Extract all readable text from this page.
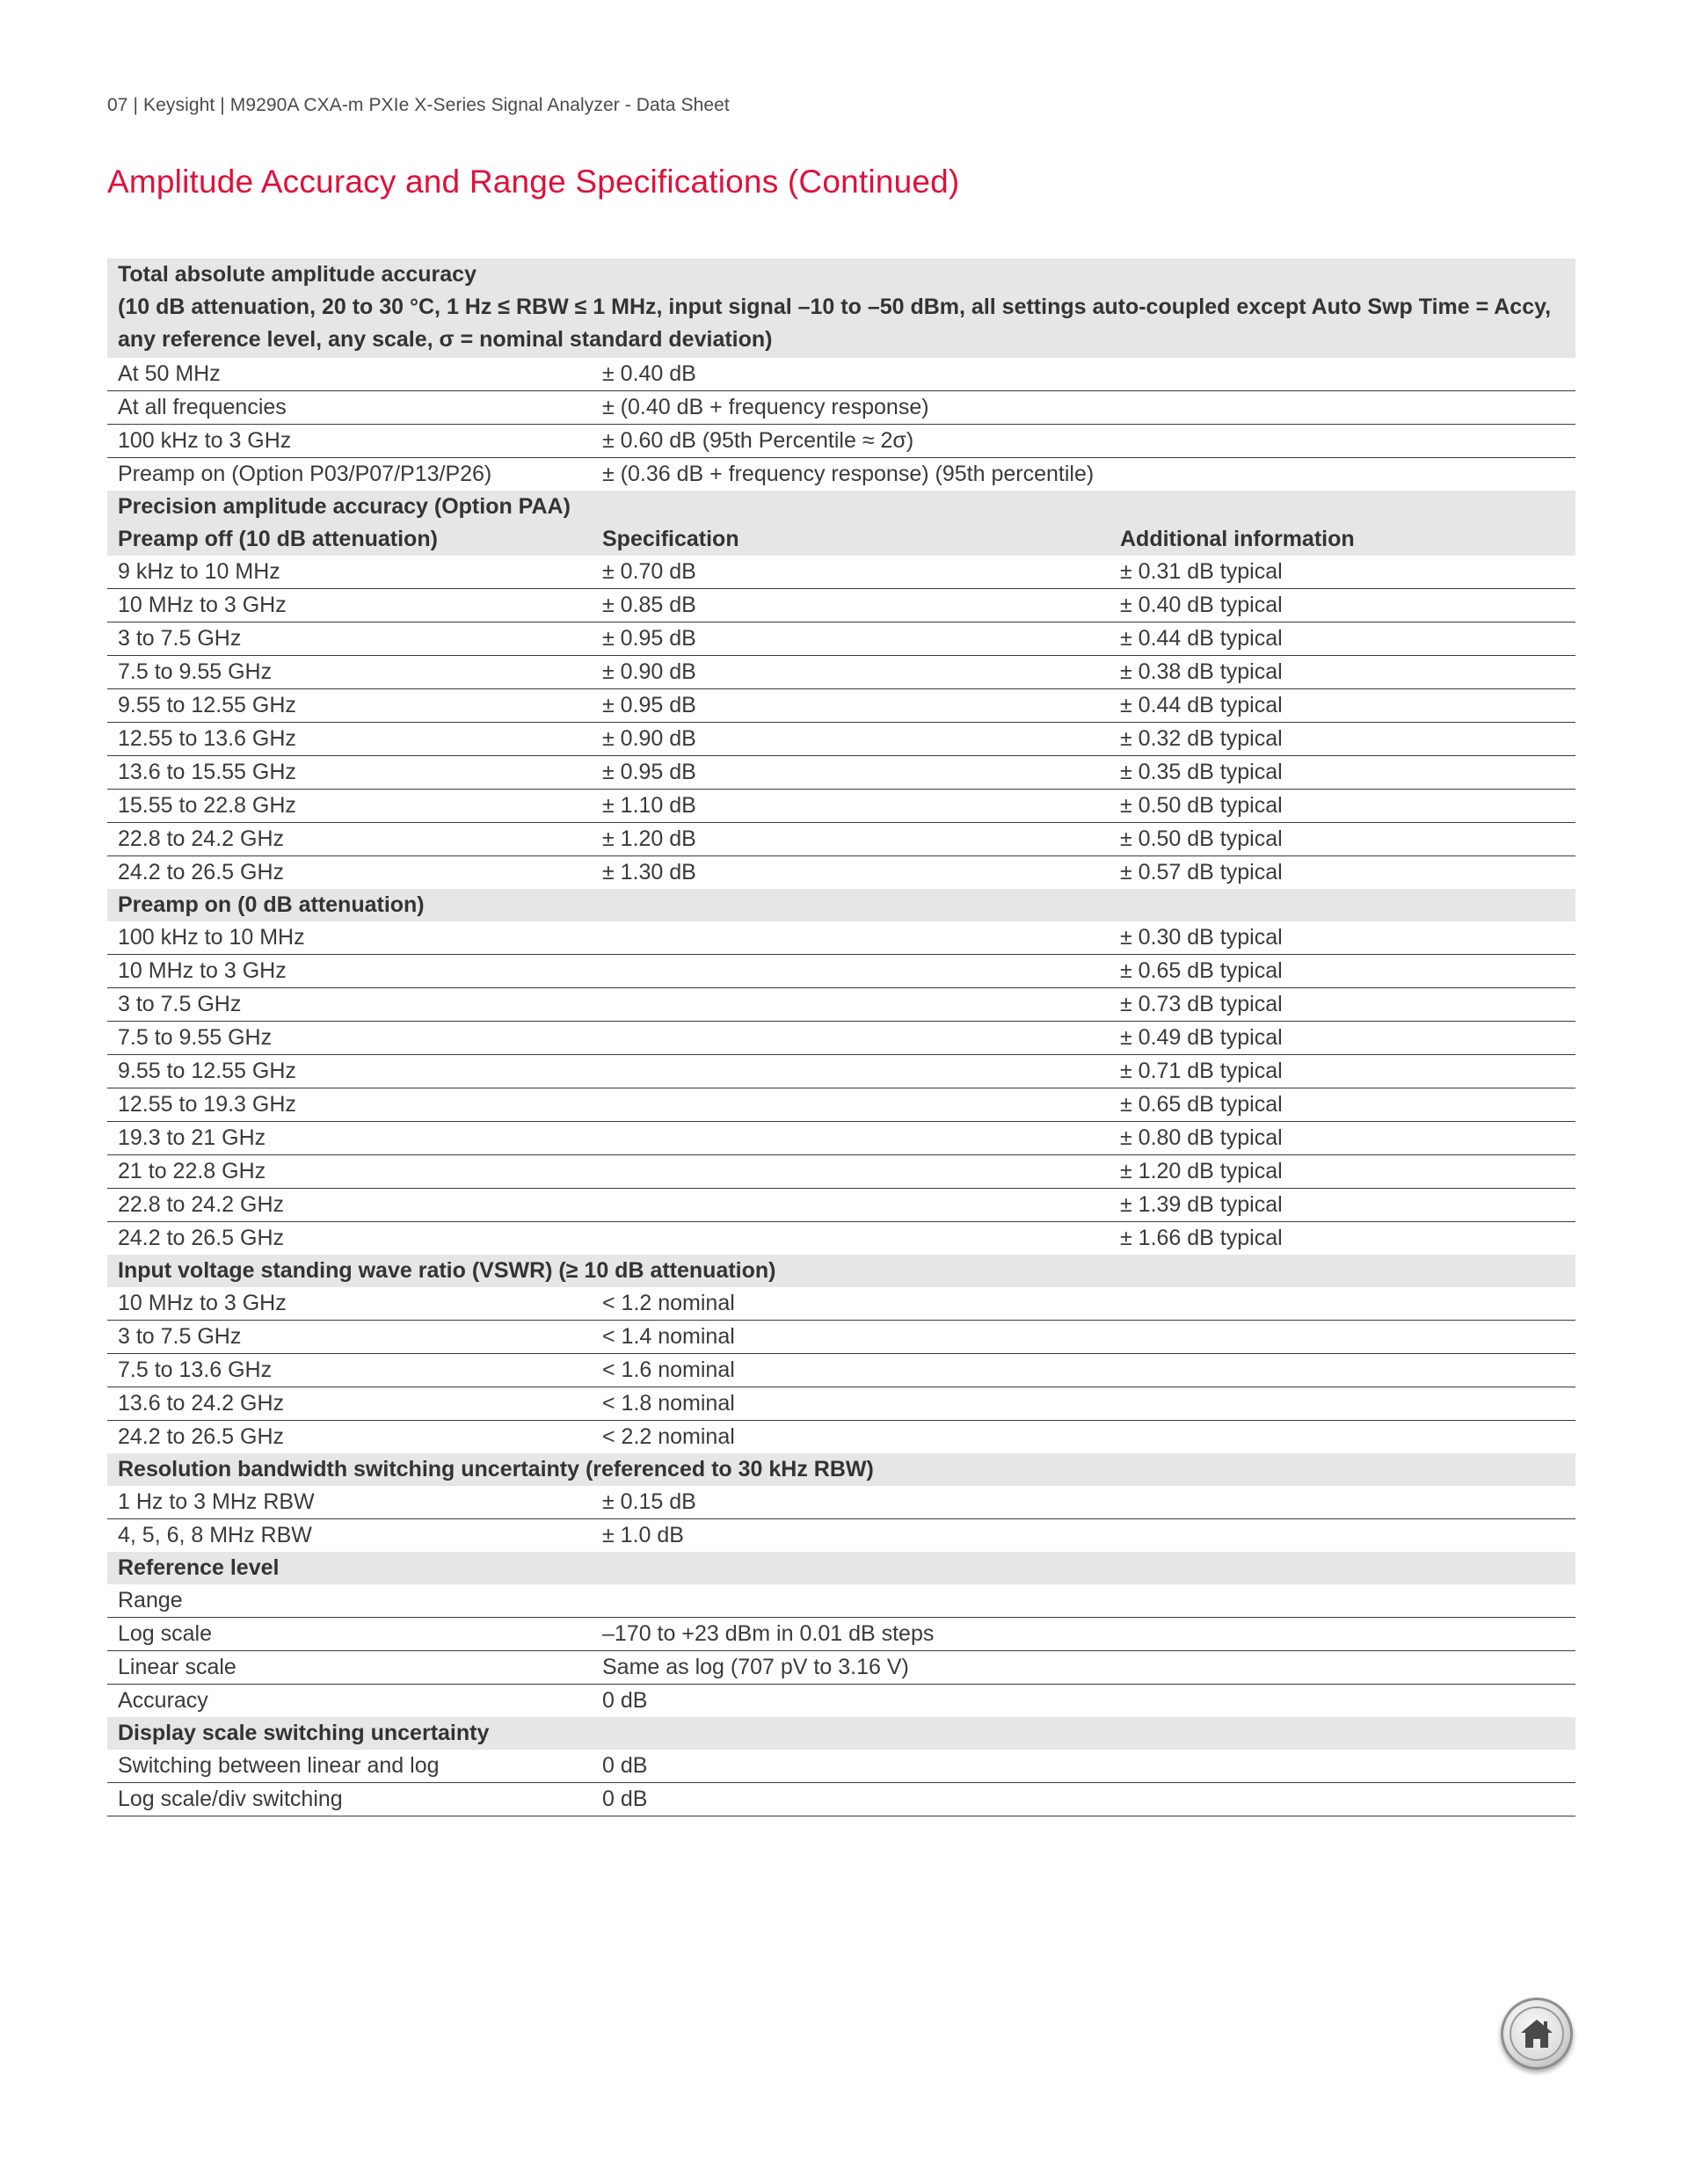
07 | Keysight | M9290A CXA-m PXIe X-Series Signal Analyzer - Data Sheet
Amplitude Accuracy and Range Specifications (Continued)
Total absolute amplitude accuracy		
(10 dB attenuation, 20 to 30 °C, 1 Hz ≤ RBW ≤ 1 MHz, input signal –10 to –50 dBm, all settings auto-coupled except Auto Swp Time = Accy, any reference level, any scale, σ = nominal standard deviation)		
At 50 MHz	± 0.40 dB	
At all frequencies	± (0.40 dB + frequency response)	
100 kHz to 3 GHz	± 0.60 dB (95th Percentile ≈ 2σ)	
Preamp on (Option P03/P07/P13/P26)	± (0.36 dB + frequency response) (95th percentile)	
Precision amplitude accuracy (Option PAA)		
Preamp off (10 dB attenuation)	Specification	Additional information
9 kHz to 10 MHz	± 0.70 dB	± 0.31 dB typical
10 MHz to 3 GHz	± 0.85 dB	± 0.40 dB typical
3 to 7.5 GHz	± 0.95 dB	± 0.44 dB typical
7.5 to 9.55 GHz	± 0.90 dB	± 0.38 dB typical
9.55 to 12.55 GHz	± 0.95 dB	± 0.44 dB typical
12.55 to 13.6 GHz	± 0.90 dB	± 0.32 dB typical
13.6 to 15.55 GHz	± 0.95 dB	± 0.35 dB typical
15.55 to 22.8 GHz	± 1.10 dB	± 0.50 dB typical
22.8 to 24.2 GHz	± 1.20 dB	± 0.50 dB typical
24.2 to 26.5 GHz	± 1.30 dB	± 0.57 dB typical
Preamp on (0 dB attenuation)		
100 kHz to 10 MHz		± 0.30 dB typical
10 MHz to 3 GHz		± 0.65 dB typical
3 to 7.5 GHz		± 0.73 dB typical
7.5 to 9.55 GHz		± 0.49 dB typical
9.55 to 12.55 GHz		± 0.71 dB typical
12.55 to 19.3 GHz		± 0.65 dB typical
19.3 to 21 GHz		± 0.80 dB typical
21 to 22.8 GHz		± 1.20 dB typical
22.8 to 24.2 GHz		± 1.39 dB typical
24.2 to 26.5 GHz		± 1.66 dB typical
Input voltage standing wave ratio (VSWR) (≥ 10 dB attenuation)		
10 MHz to 3 GHz	< 1.2 nominal	
3 to 7.5 GHz	< 1.4 nominal	
7.5 to 13.6 GHz	< 1.6 nominal	
13.6 to 24.2 GHz	< 1.8 nominal	
24.2 to 26.5 GHz	< 2.2 nominal	
Resolution bandwidth switching uncertainty (referenced to 30 kHz RBW)		
1 Hz to 3 MHz RBW	± 0.15 dB	
4, 5, 6, 8 MHz RBW	± 1.0 dB	
Reference level		
Range		
Log scale	–170 to +23 dBm in 0.01 dB steps	
Linear scale	Same as log (707 pV to 3.16 V)	
Accuracy	0 dB	
Display scale switching uncertainty		
Switching between linear and log	0 dB	
Log scale/div switching	0 dB	
